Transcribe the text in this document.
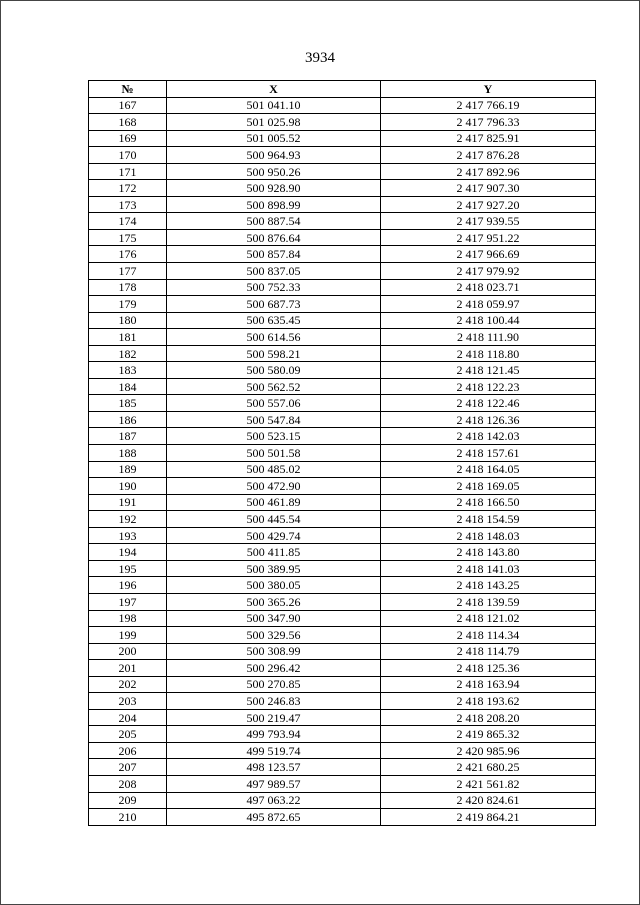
3934
№	X	Y
167	501 041.10	2 417 766.19
168	501 025.98	2 417 796.33
169	501 005.52	2 417 825.91
170	500 964.93	2 417 876.28
171	500 950.26	2 417 892.96
172	500 928.90	2 417 907.30
173	500 898.99	2 417 927.20
174	500 887.54	2 417 939.55
175	500 876.64	2 417 951.22
176	500 857.84	2 417 966.69
177	500 837.05	2 417 979.92
178	500 752.33	2 418 023.71
179	500 687.73	2 418 059.97
180	500 635.45	2 418 100.44
181	500 614.56	2 418 111.90
182	500 598.21	2 418 118.80
183	500 580.09	2 418 121.45
184	500 562.52	2 418 122.23
185	500 557.06	2 418 122.46
186	500 547.84	2 418 126.36
187	500 523.15	2 418 142.03
188	500 501.58	2 418 157.61
189	500 485.02	2 418 164.05
190	500 472.90	2 418 169.05
191	500 461.89	2 418 166.50
192	500 445.54	2 418 154.59
193	500 429.74	2 418 148.03
194	500 411.85	2 418 143.80
195	500 389.95	2 418 141.03
196	500 380.05	2 418 143.25
197	500 365.26	2 418 139.59
198	500 347.90	2 418 121.02
199	500 329.56	2 418 114.34
200	500 308.99	2 418 114.79
201	500 296.42	2 418 125.36
202	500 270.85	2 418 163.94
203	500 246.83	2 418 193.62
204	500 219.47	2 418 208.20
205	499 793.94	2 419 865.32
206	499 519.74	2 420 985.96
207	498 123.57	2 421 680.25
208	497 989.57	2 421 561.82
209	497 063.22	2 420 824.61
210	495 872.65	2 419 864.21
